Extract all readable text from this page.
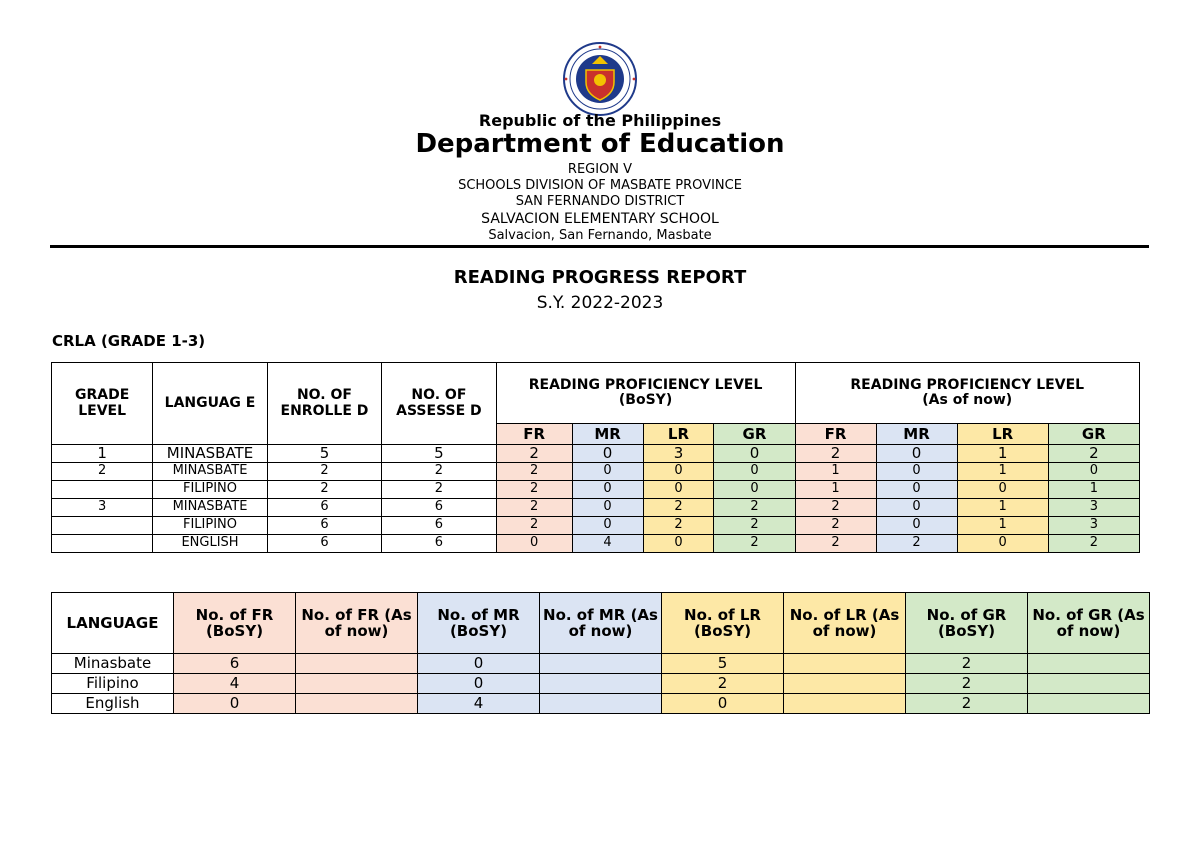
Republic of the Philippines
Department of Education
REGION V
SCHOOLS DIVISION OF MASBATE PROVINCE
SAN FERNANDO DISTRICT
SALVACION ELEMENTARY SCHOOL
Salvacion, San Fernando, Masbate
READING PROGRESS REPORT
S.Y. 2022-2023
CRLA (GRADE 1-3)
GRADE LEVEL	LANGUAG E	NO. OF ENROLLE D	NO. OF ASSESSE D	READING PROFICIENCY LEVEL
(BoSY)				READING PROFICIENCY LEVEL
(As of now)			
				FR	MR	LR	GR	FR	MR	LR	GR
1	MINASBATE	5	5	2	0	3	0	2	0	1	2
2	MINASBATE	2	2	2	0	0	0	1	0	1	0
	FILIPINO	2	2	2	0	0	0	1	0	0	1
3	MINASBATE	6	6	2	0	2	2	2	0	1	3
	FILIPINO	6	6	2	0	2	2	2	0	1	3
	ENGLISH	6	6	0	4	0	2	2	2	0	2
LANGUAGE	No. of FR (BoSY)	No. of FR (As of now)	No. of MR (BoSY)	No. of MR (As of now)	No. of LR (BoSY)	No. of LR (As of now)	No. of GR (BoSY)	No. of GR (As of now)
Minasbate	6		0		5		2	
Filipino	4		0		2		2	
English	0		4		0		2	
